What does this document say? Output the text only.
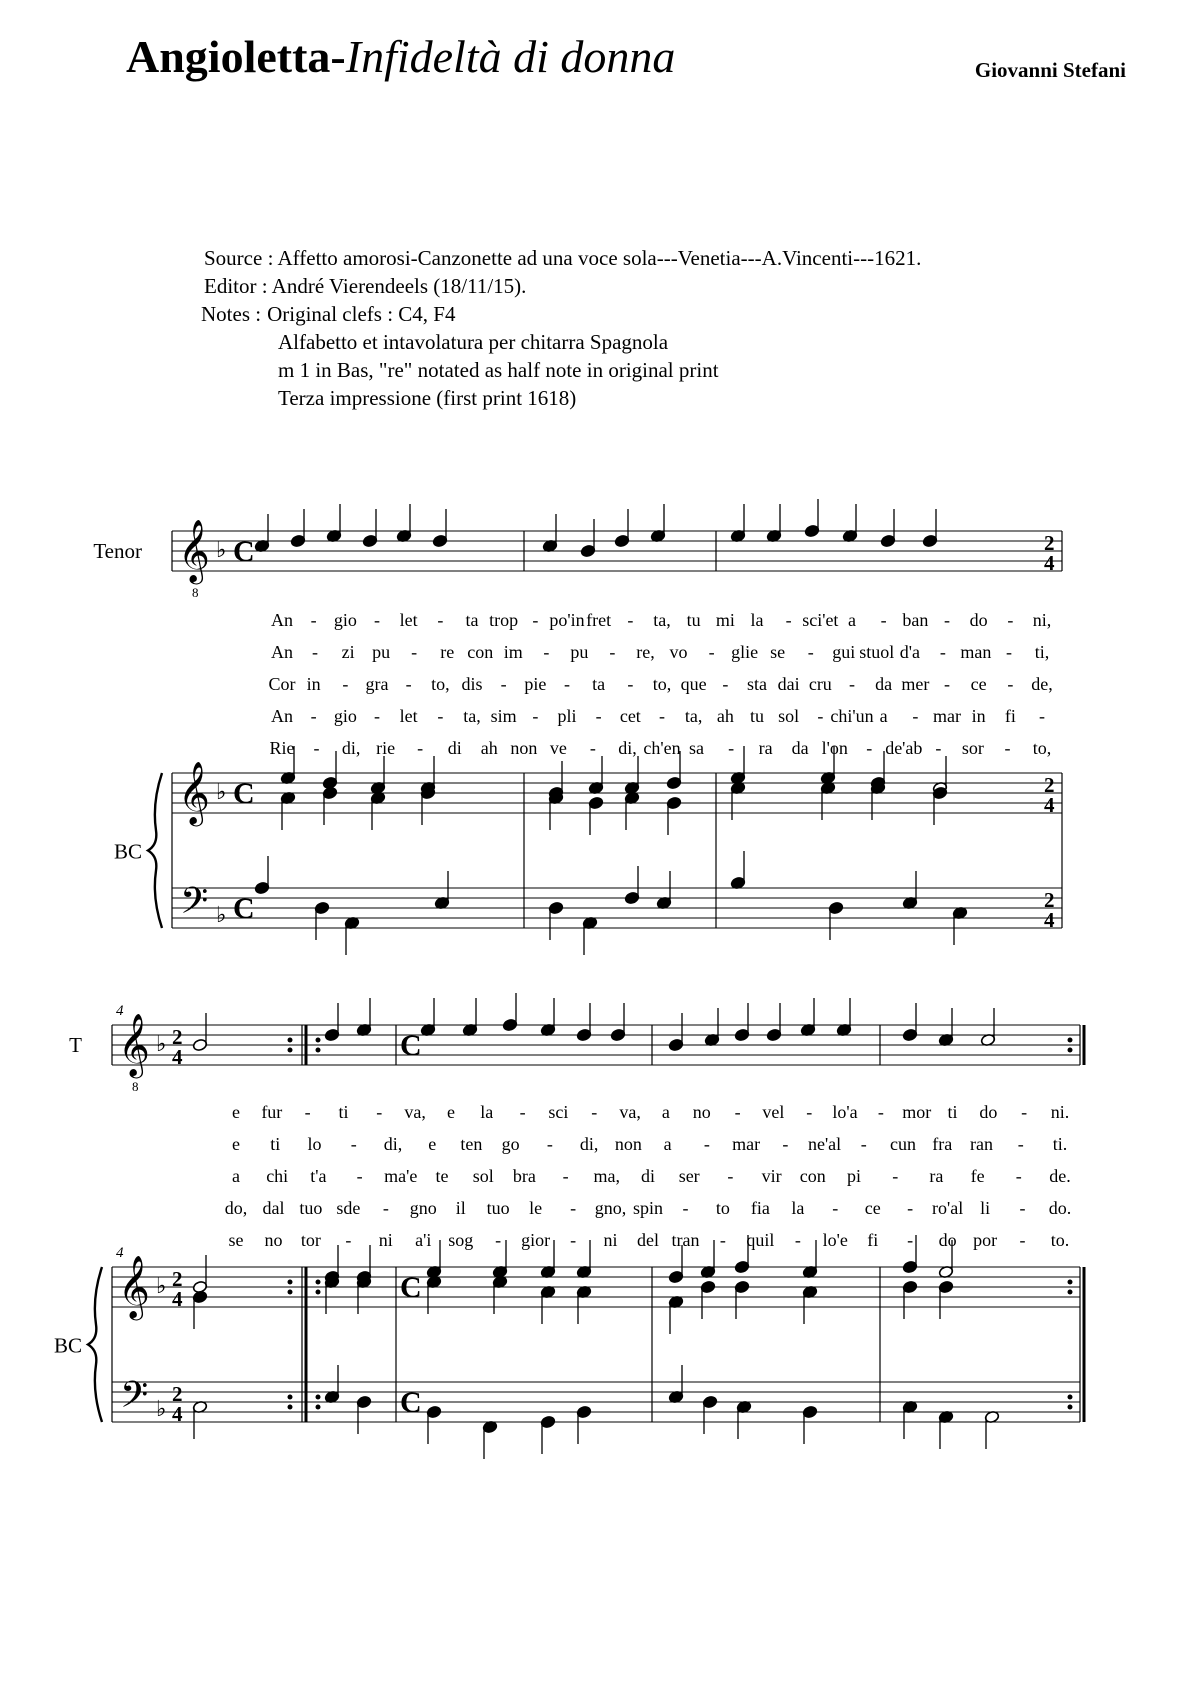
Angioletta-Infideltà di donna	Giovanni Stefani
Source : Affetto amorosi-Canzonette ad una voce sola---Venetia---A.Vincenti---1621.
Editor : André Vierendeels (18/11/15).
Notes : Original clefs : C4, F4
Alfabetto et intavolatura per chitarra Spagnola
m 1 in Bas, "re" notated as half note in original print
Terza impressione (first print 1618)
𝄞
8
𝄞
𝄢
♭
♭
♭
Tenor
BC
An - gio - let - ta trop - po'in fret - ta, tu mi la - sci'et a - ban - do - ni,
An - zi pu - re con im - pu - re, vo - glie se - gui stuol d'a - man - ti,
Cor in - gra - to, dis - pie - ta - to, que - sta dai cru - da mer - ce - de,
An - gio - let - ta, sim - pli - cet - ta, ah tu sol - chi'un a - mar in fi -
Rie - di, rie - di ah non ve - di, ch'en sa - ra da l'on - de'ab - sor - to,
C
C
C
2
4
2
4
2
4
𝄞
8
𝄞
𝄢
♭
♭
♭
T
BC
4
4
e fur - ti - va, e la - sci - va, a no - vel - lo'a - mor ti do - ni.
e ti lo - di, e ten go - di, non a - mar - ne'al - cun fra ran - ti.
a chi t'a - ma'e te sol bra - ma, di ser - vir con pi - ra fe - de.
do, dal tuo sde - gno il tuo le - gno, spin - to fia la - ce - ro'al li - do.
se no tor - ni a'i sog - gior - ni del tran - quil - lo'e fi - do por - to.
2
4
2
4
2
4
C
C
C
